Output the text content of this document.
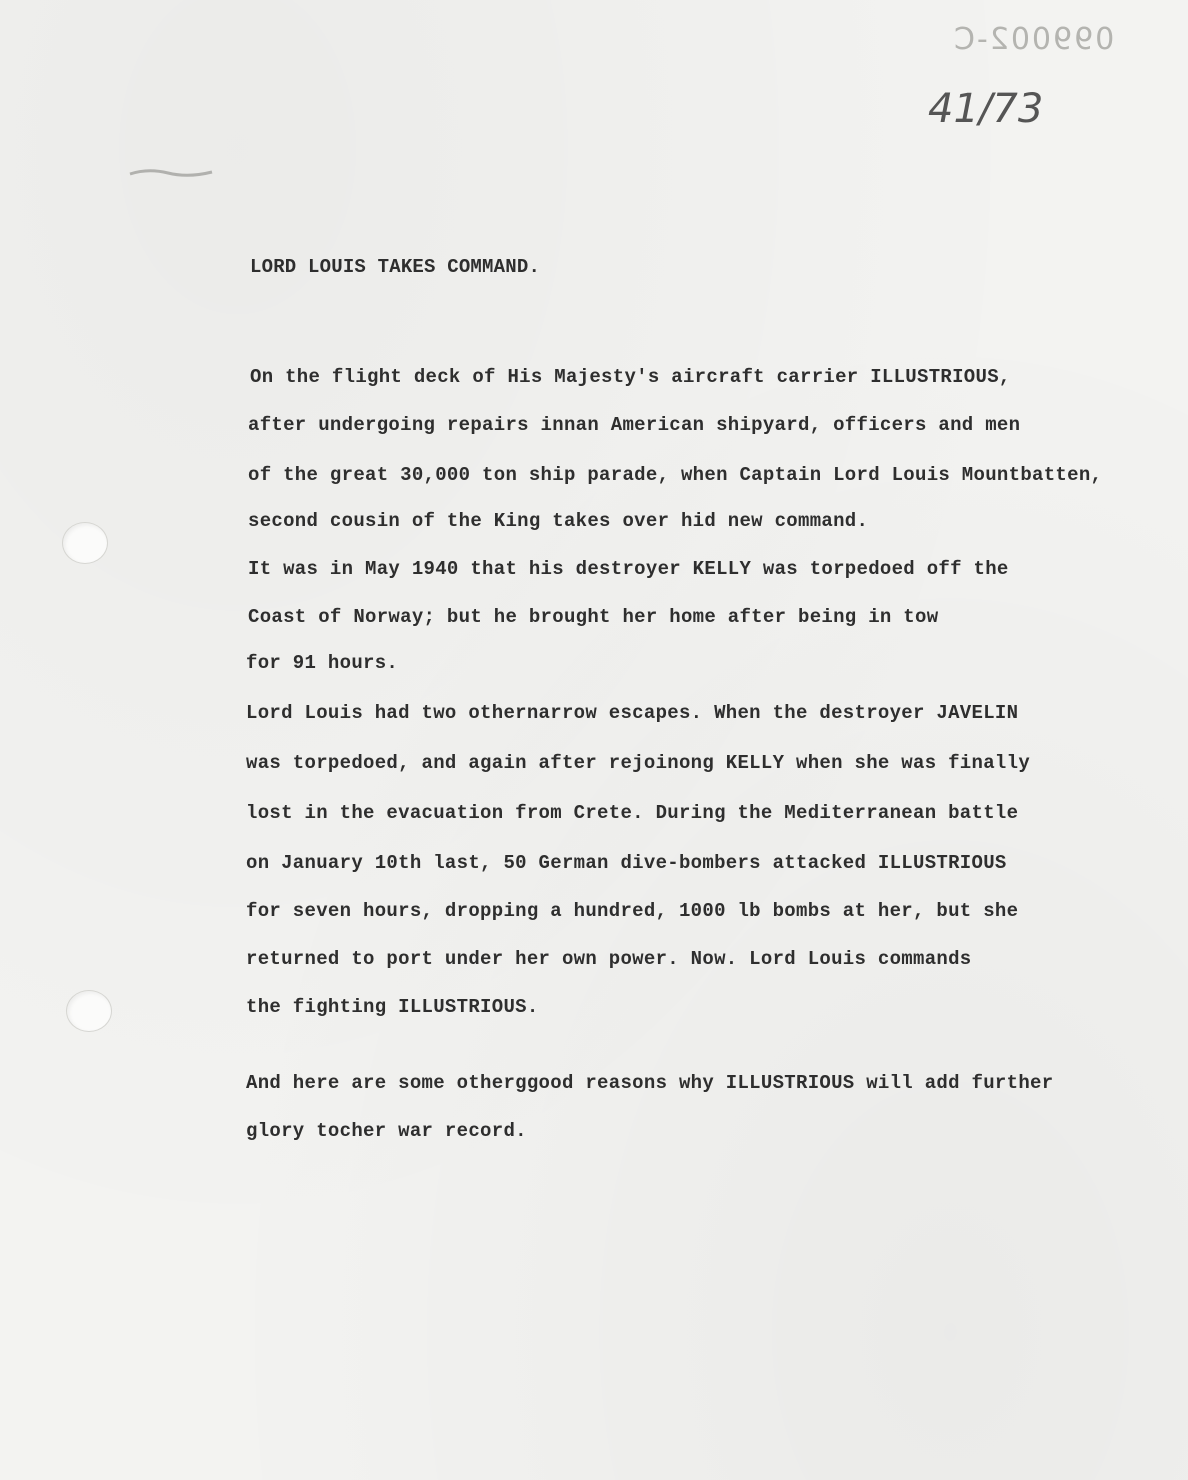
099002-C
41/73
LORD LOUIS TAKES COMMAND.
On the flight deck of His Majesty's aircraft carrier ILLUSTRIOUS,
after undergoing repairs innan American shipyard, officers and men
of the great 30,000 ton ship parade, when Captain Lord Louis Mountbatten,
second cousin of the King takes over hid new command.
It was in May 1940 that his destroyer KELLY was torpedoed off the
Coast of Norway; but he brought her home after being in tow
for 91 hours.
Lord Louis had two othernarrow escapes. When the destroyer JAVELIN
was torpedoed, and again after rejoinong KELLY when she was finally
lost in the evacuation from Crete. During the Mediterranean battle
on January 10th last, 50 German dive-bombers attacked ILLUSTRIOUS
for seven hours, dropping a hundred, 1000 lb bombs at her, but she
returned to port under her own power. Now. Lord Louis commands
the fighting ILLUSTRIOUS.
And here are some otherggood reasons why ILLUSTRIOUS will add further
glory tocher war record.
